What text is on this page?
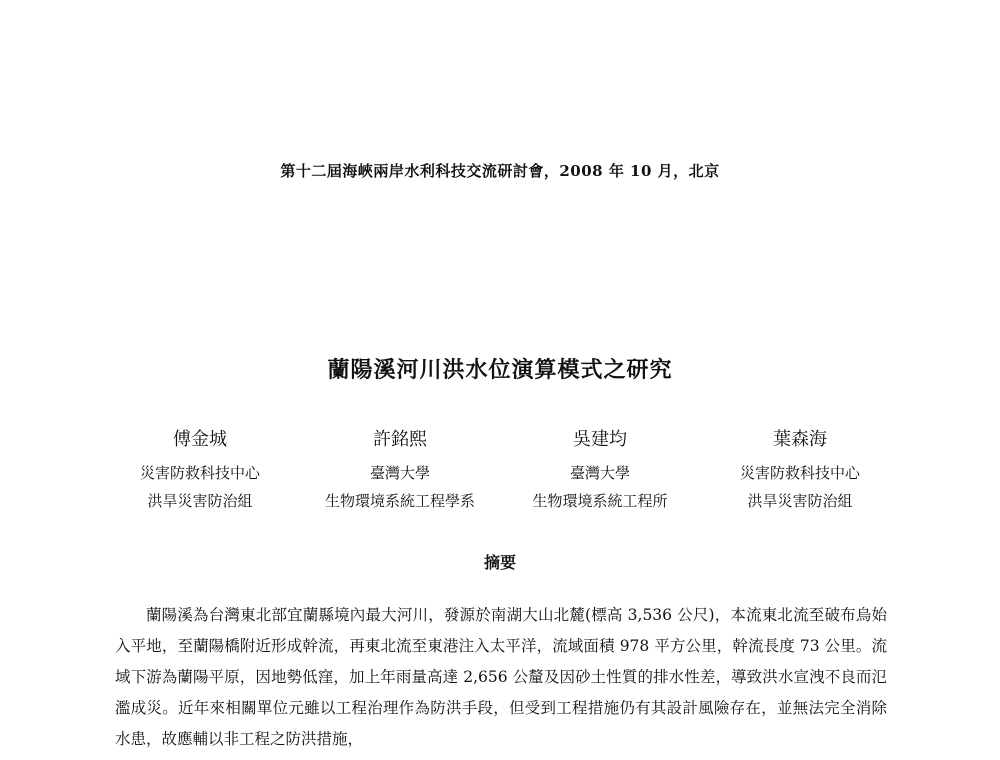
第十二屆海峽兩岸水利科技交流研討會，2008 年 10 月，北京
蘭陽溪河川洪水位演算模式之研究
傅金城
災害防救科技中心
洪旱災害防治組
許銘熙
臺灣大學
生物環境系統工程學系
吳建均
臺灣大學
生物環境系統工程所
葉森海
災害防救科技中心
洪旱災害防治組
摘要

蘭陽溪為台灣東北部宜蘭縣境內最大河川，發源於南湖大山北麓(標高 3,536 公尺)，本流東北流至破布烏始入平地，至蘭陽橋附近形成幹流，再東北流至東港注入太平洋，流域面積 978 平方公里，幹流長度 73 公里。流域下游為蘭陽平原，因地勢低窪，加上年雨量高達 2,656 公釐及因砂土性質的排水性差，導致洪水宣洩不良而氾濫成災。近年來相關單位元雖以工程治理作為防洪手段，但受到工程措施仍有其設計風險存在，並無法完全消除水患，故應輔以非工程之防洪措施，
